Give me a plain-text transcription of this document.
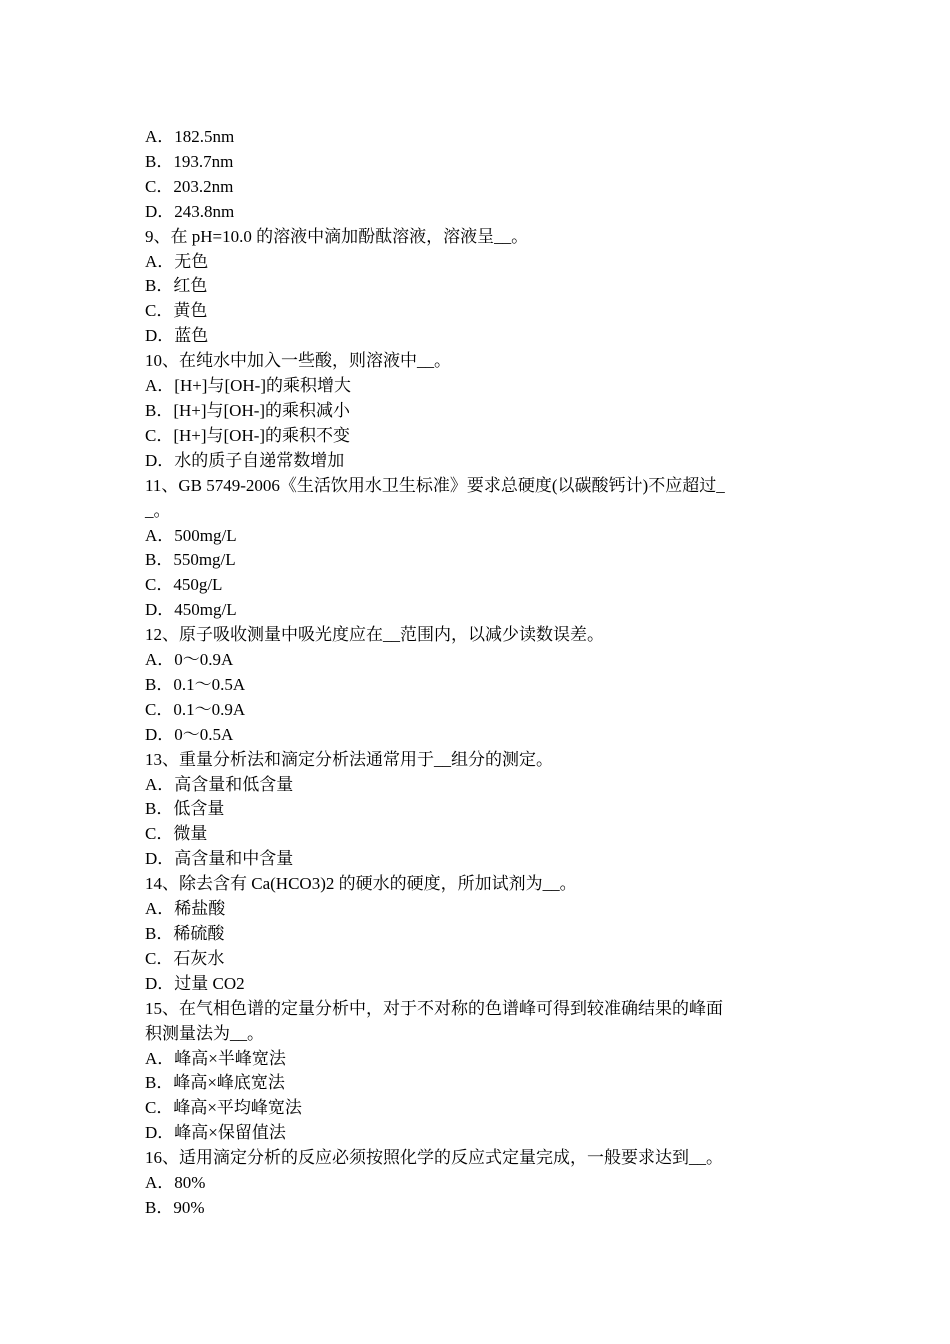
A．182.5nm
B．193.7nm
C．203.2nm
D．243.8nm
9、在 pH=10.0 的溶液中滴加酚酞溶液，溶液呈__。
A．无色
B．红色
C．黄色
D．蓝色
10、在纯水中加入一些酸，则溶液中__。
A．[H+]与[OH-]的乘积增大
B．[H+]与[OH-]的乘积减小
C．[H+]与[OH-]的乘积不变
D．水的质子自递常数增加
11、GB 5749-2006《生活饮用水卫生标准》要求总硬度(以碳酸钙计)不应超过_
_。
A．500mg/L
B．550mg/L
C．450g/L
D．450mg/L
12、原子吸收测量中吸光度应在__范围内，以减少读数误差。
A．0～0.9A
B．0.1～0.5A
C．0.1～0.9A
D．0～0.5A
13、重量分析法和滴定分析法通常用于__组分的测定。
A．高含量和低含量
B．低含量
C．微量
D．高含量和中含量
14、除去含有 Ca(HCO3)2 的硬水的硬度，所加试剂为__。
A．稀盐酸
B．稀硫酸
C．石灰水
D．过量 CO2
15、在气相色谱的定量分析中，对于不对称的色谱峰可得到较准确结果的峰面
积测量法为__。
A．峰高×半峰宽法
B．峰高×峰底宽法
C．峰高×平均峰宽法
D．峰高×保留值法
16、适用滴定分析的反应必须按照化学的反应式定量完成，一般要求达到__。
A．80%
B．90%
